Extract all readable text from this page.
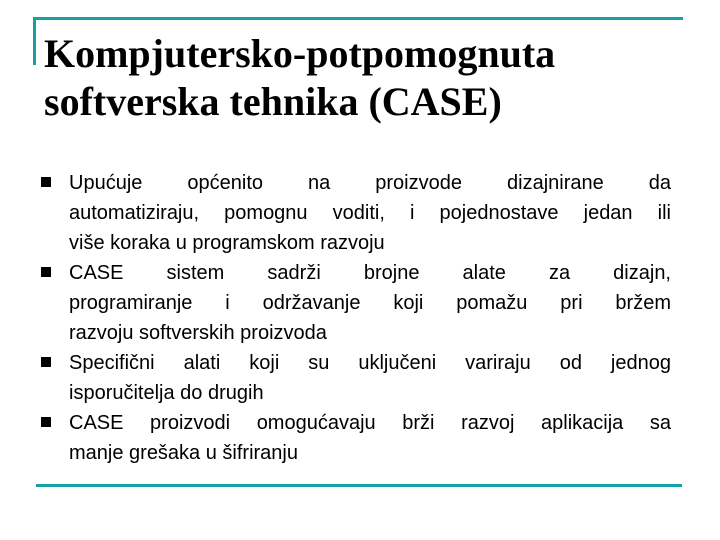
Kompjutersko-potpomognuta
softverska tehnika (CASE)
Upućuje općenito na proizvode dizajnirane da
automatiziraju, pomognu voditi, i pojednostave jedan ili
više koraka u programskom razvoju
CASE sistem sadrži brojne alate za dizajn,
programiranje i održavanje koji pomažu pri bržem
razvoju softverskih proizvoda
Specifični alati koji su uključeni variraju od jednog
isporučitelja do drugih
CASE proizvodi omogućavaju brži razvoj aplikacija sa
manje grešaka u šifriranju
